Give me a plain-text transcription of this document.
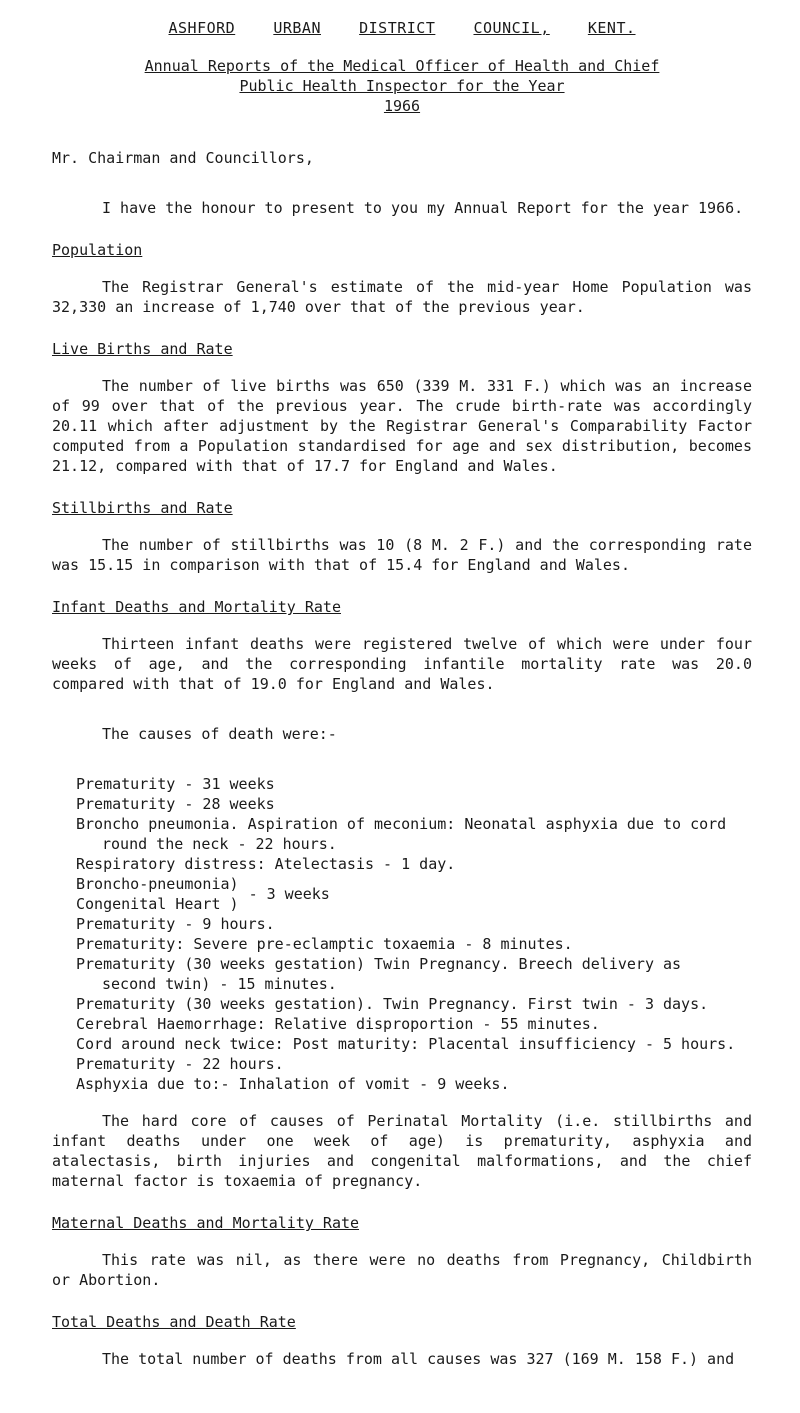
ASHFORD	URBAN	DISTRICT	COUNCIL,	KENT.
Annual Reports of the Medical Officer of Health and Chief
Public Health Inspector for the Year
1966

Mr. Chairman and Councillors,

I have the honour to present to you my Annual Report for the year 1966.

Population

The Registrar General's estimate of the mid-year Home Population was 32,330 an increase of 1,740 over that of the previous year.

Live Births and Rate

The number of live births was 650 (339 M. 331 F.) which was an increase of 99 over that of the previous year. The crude birth-rate was accordingly 20.11 which after adjustment by the Registrar General's Comparability Factor computed from a Population standardised for age and sex distribution, becomes 21.12, compared with that of 17.7 for England and Wales.

Stillbirths and Rate

The number of stillbirths was 10 (8 M. 2 F.) and the corresponding rate was 15.15 in comparison with that of 15.4 for England and Wales.

Infant Deaths and Mortality Rate

Thirteen infant deaths were registered twelve of which were under four weeks of age, and the corresponding infantile mortality rate was 20.0 compared with that of 19.0 for England and Wales.

The causes of death were:-

Prematurity - 31 weeks

Prematurity - 28 weeks

Broncho pneumonia. Aspiration of meconium: Neonatal asphyxia due to cord round the neck - 22 hours.

Respiratory distress: Atelectasis - 1 day.

Broncho-pneumonia)
Congenital Heart )
- 3 weeks

Prematurity - 9 hours.

Prematurity: Severe pre-eclamptic toxaemia - 8 minutes.

Prematurity (30 weeks gestation) Twin Pregnancy. Breech delivery as second twin) - 15 minutes.

Prematurity (30 weeks gestation). Twin Pregnancy. First twin - 3 days.

Cerebral Haemorrhage: Relative disproportion - 55 minutes.

Cord around neck twice: Post maturity: Placental insufficiency - 5 hours.

Prematurity - 22 hours.

Asphyxia due to:- Inhalation of vomit - 9 weeks.

The hard core of causes of Perinatal Mortality (i.e. stillbirths and infant deaths under one week of age) is prematurity, asphyxia and atalectasis, birth injuries and congenital malformations, and the chief maternal factor is toxaemia of pregnancy.

Maternal Deaths and Mortality Rate

This rate was nil, as there were no deaths from Pregnancy, Childbirth or Abortion.

Total Deaths and Death Rate

The total number of deaths from all causes was 327 (169 M. 158 F.) and
